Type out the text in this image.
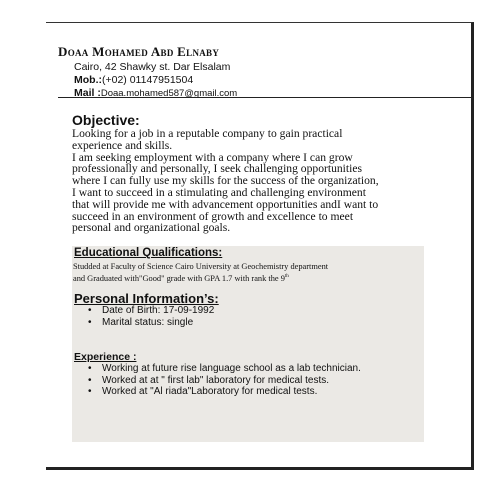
Doaa Mohamed Abd Elnaby
Cairo, 42 Shawky st. Dar Elsalam
Mob.:(+02) 01147951504
Mail :Doaa.mohamed587@gmail.com
Objective:
Looking for a job in a reputable company to gain practical
experience and skills.
I am seeking employment with a company where I can grow
professionally and personally, I seek challenging opportunities
where I can fully use my skills for the success of the organization,
I want to succeed in a stimulating and challenging environment
that will provide me with advancement opportunities andI want to
succeed in an environment of growth and excellence to meet
personal and organizational goals.
Educational Qualifications:
Studded at Faculty of Science Cairo University at Geochemistry department
and Graduated with"Good" grade with GPA 1.7 with rank the 9th
Personal Information’s:
• Date of Birth: 17-09-1992
• Marital status: single
Experience :
• Working at future rise language school as a lab technician.
• Worked at at " first lab" laboratory for medical tests.
• Worked at "Al riada"Laboratory for medical tests.
